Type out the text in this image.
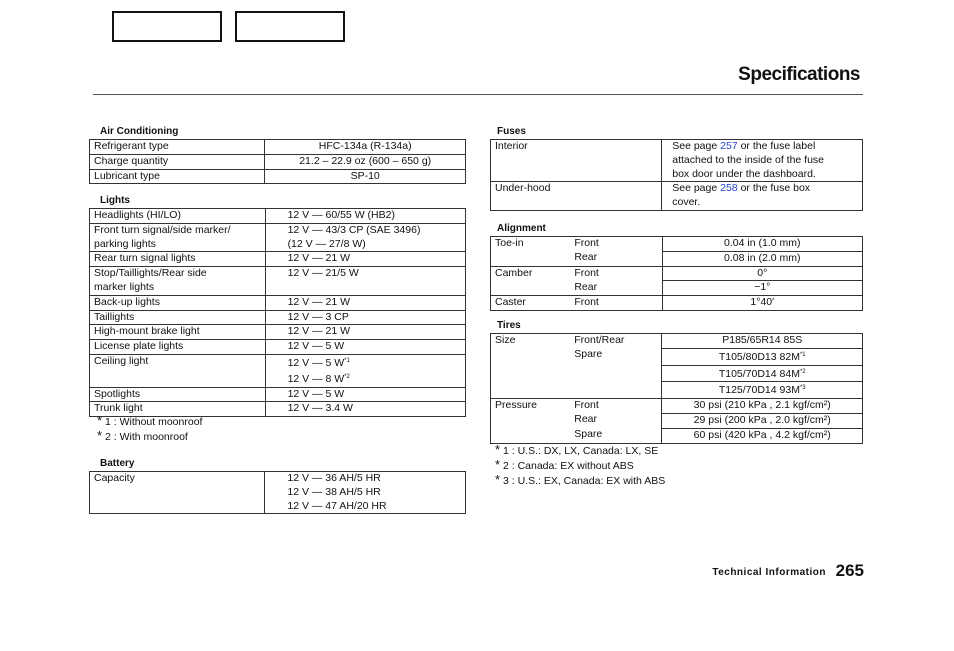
Specifications
Air Conditioning
Refrigerant type	HFC-134a (R-134a)
Charge quantity	21.2 – 22.9 oz (600 – 650 g)
Lubricant type	SP-10
Lights
Headlights (HI/LO)	12 V — 60/55 W (HB2)
Front turn signal/side marker/	12 V — 43/3 CP (SAE 3496)
parking lights	(12 V — 27/8 W)
Rear turn signal lights	12 V — 21 W
Stop/Taillights/Rear side	12 V — 21/5 W
marker lights	
Back-up lights	12 V — 21 W
Taillights	12 V — 3 CP
High-mount brake light	12 V — 21 W
License plate lights	12 V — 5 W
Ceiling light	12 V — 5 $W^{*1}$
	12 V — 8 $W^{*2}$
Spotlights	12 V — 5 W
Trunk light	12 V — 3.4 W
* 1 : Without moonroof
* 2 : With moonroof
Battery
Capacity	12 V — 36 AH/5 HR
12 V — 38 AH/5 HR
12 V — 47 AH/20 HR
Fuses
Interior	See page 257 or the fuse label
attached to the inside of the fuse
box door under the dashboard.

Under-hood	See page 258 or the fuse box
cover.
Alignment
Toe-in	Front	0.04 in (1.0 mm)
	Rear	0.08 in (2.0 mm)
Camber	Front	0°
	Rear	−1°
Caster	Front	1°40′
Tires
Size	Front/Rear	P185/65R14 85S
	Spare	T105/80D13 $82M^{*1}$
		T105/70D14 $84M^{*2}$
		T125/70D14 $93M^{*3}$
Pressure	Front	30 psi (210 kPa , 2.1 kgf/cm²)
	Rear	29 psi (200 kPa , 2.0 kgf/cm²)
	Spare	60 psi (420 kPa , 4.2 kgf/cm²)
* 1 : U.S.: DX, LX, Canada: LX, SE
* 2 : Canada: EX without ABS
* 3 : U.S.: EX, Canada: EX with ABS
Technical Information 265
